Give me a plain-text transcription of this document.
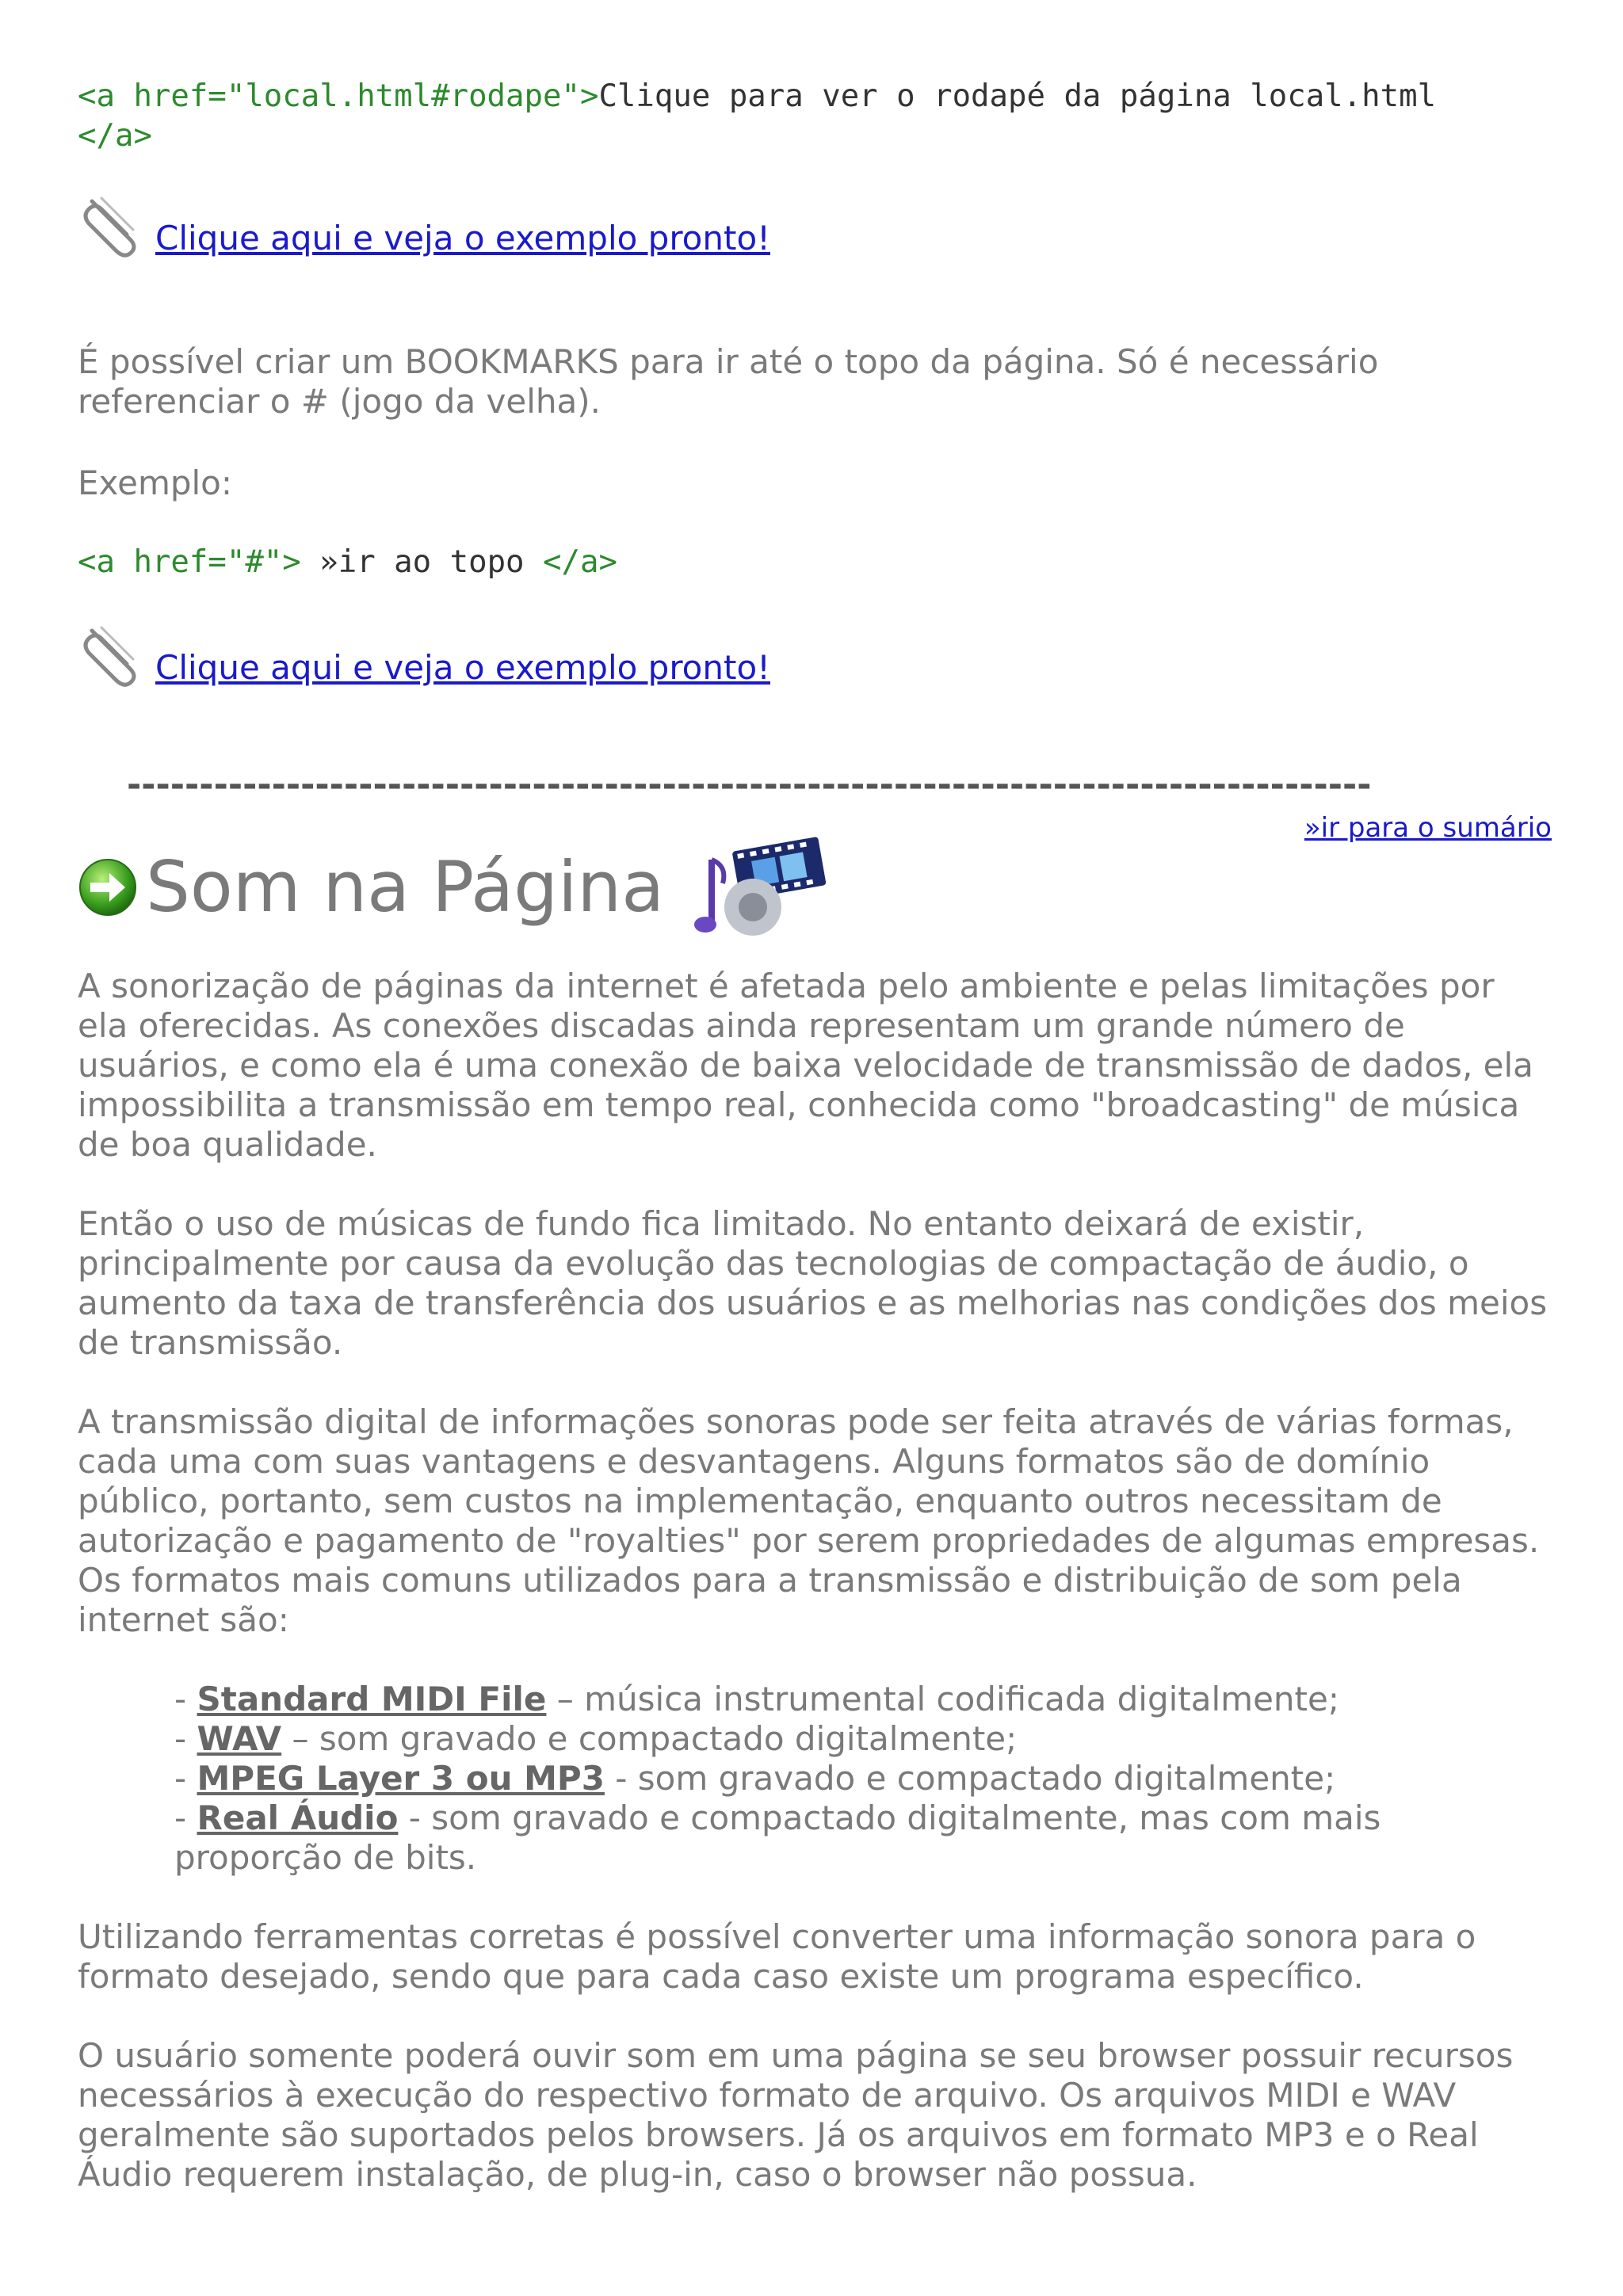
<a href="local.html#rodape">Clique para ver o rodapé da página local.html
</a>
Clique aqui e veja o exemplo pronto!

É possível criar um BOOKMARKS para ir até o topo da página. Só é necessário referenciar o # (jogo da velha).

Exemplo:

<a href="#"> »ir ao topo </a>
Clique aqui e veja o exemplo pronto!
--------------------------------------------------------------------------------------
»ir para o sumário
Som na Página

A sonorização de páginas da internet é afetada pelo ambiente e pelas limitações por ela oferecidas. As conexões discadas ainda representam um grande número de usuários, e como ela é uma conexão de baixa velocidade de transmissão de dados, ela impossibilita a transmissão em tempo real, conhecida como "broadcasting" de música de boa qualidade.

Então o uso de músicas de fundo fica limitado. No entanto deixará de existir, principalmente por causa da evolução das tecnologias de compactação de áudio, o aumento da taxa de transferência dos usuários e as melhorias nas condições dos meios de transmissão.

A transmissão digital de informações sonoras pode ser feita através de várias formas, cada uma com suas vantagens e desvantagens. Alguns formatos são de domínio público, portanto, sem custos na implementação, enquanto outros necessitam de autorização e pagamento de "royalties" por serem propriedades de algumas empresas. Os formatos mais comuns utilizados para a transmissão e distribuição de som pela internet são:

- Standard MIDI File – música instrumental codificada digitalmente;
- WAV – som gravado e compactado digitalmente;
- MPEG Layer 3 ou MP3 - som gravado e compactado digitalmente;
- Real Áudio - som gravado e compactado digitalmente, mas com mais proporção de bits.

Utilizando ferramentas corretas é possível converter uma informação sonora para o formato desejado, sendo que para cada caso existe um programa específico.

O usuário somente poderá ouvir som em uma página se seu browser possuir recursos necessários à execução do respectivo formato de arquivo. Os arquivos MIDI e WAV geralmente são suportados pelos browsers. Já os arquivos em formato MP3 e o Real Áudio requerem instalação, de plug-in, caso o browser não possua.
